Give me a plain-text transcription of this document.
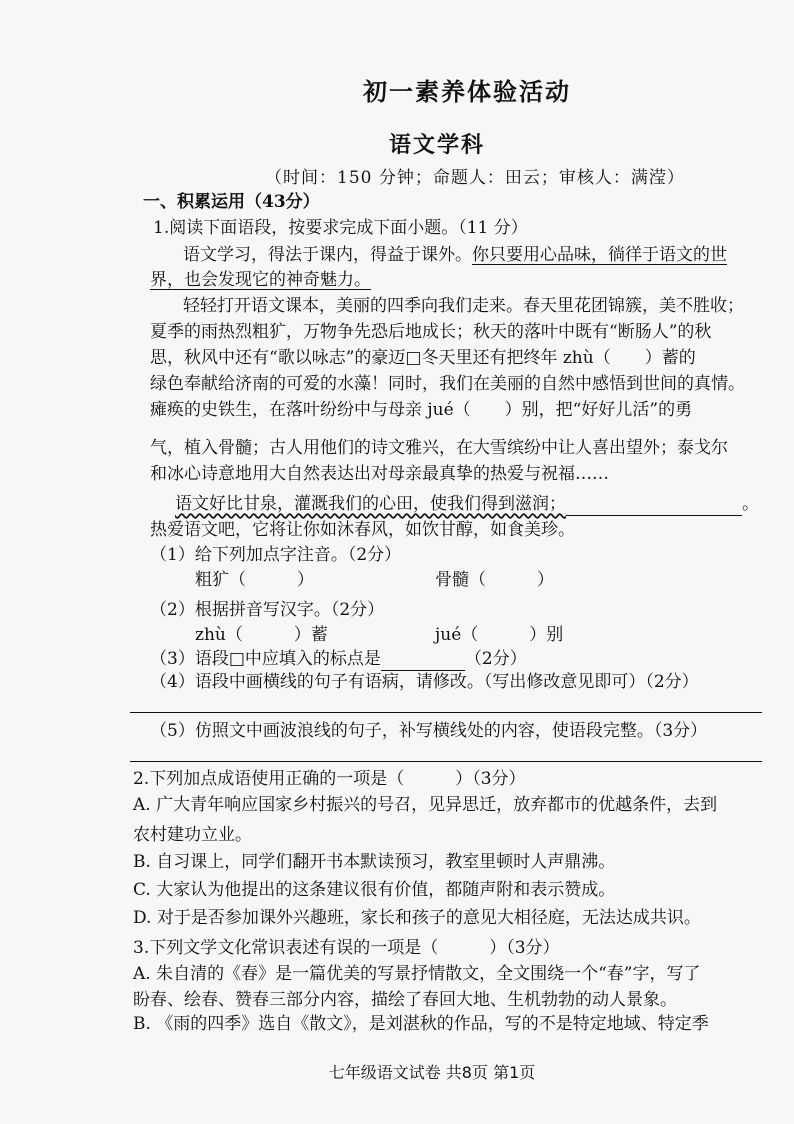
初一素养体验活动
语文学科
（时间：150 分钟；命题人：田云；审核人：满滢）
一、积累运用（43分）
1.阅读下面语段，按要求完成下面小题。（11 分）
语文学习，得法于课内，得益于课外。你只要用心品味，徜徉于语文的世
界，也会发现它的神奇魅力。
轻轻打开语文课本，美丽的四季向我们走来。春天里花团锦簇，美不胜收；
夏季的雨热烈粗犷，万物争先恐后地成长；秋天的落叶中既有“断肠人”的秋
思，秋风中还有“歌以咏志”的豪迈□冬天里还有把终年 zhù（　　）蓄的
绿色奉献给济南的可爱的水藻！同时，我们在美丽的自然中感悟到世间的真情。
瘫痪的史铁生，在落叶纷纷中与母亲 jué（　　）别，把“好好儿活”的勇
气，植入骨髓；古人用他们的诗文雅兴，在大雪缤纷中让人喜出望外；泰戈尔
和冰心诗意地用大自然表达出对母亲最真挚的热爱与祝福……
语文好比甘泉，灌溉我们的心田，使我们得到滋润；	。
热爱语文吧，它将让你如沐春风，如饮甘醇，如食美珍。
（1）给下列加点字注音。（2分）
粗犷（　　　）	骨髓（　　　）
（2）根据拼音写汉字。（2分）
zhù（　　　）蓄	jué（　　　）别
（3）语段□中应填入的标点是	（2分）
（4）语段中画横线的句子有语病，请修改。（写出修改意见即可）（2分）
（5）仿照文中画波浪线的句子，补写横线处的内容，使语段完整。（3分）
2.下列加点成语使用正确的一项是（　　　）（3分）
A. 广大青年响应国家乡村振兴的号召，见异思迁，放弃都市的优越条件，去到
农村建功立业。
B. 自习课上，同学们翻开书本默读预习，教室里顿时人声鼎沸。
C. 大家认为他提出的这条建议很有价值，都随声附和表示赞成。
D. 对于是否参加课外兴趣班，家长和孩子的意见大相径庭，无法达成共识。
3.下列文学文化常识表述有误的一项是（　　　）（3分）
A. 朱自清的《春》是一篇优美的写景抒情散文，全文围绕一个“春”字，写了
盼春、绘春、赞春三部分内容，描绘了春回大地、生机勃勃的动人景象。
B. 《雨的四季》选自《散文》，是刘湛秋的作品，写的不是特定地域、特定季
七年级语文试卷 共8页 第1页
